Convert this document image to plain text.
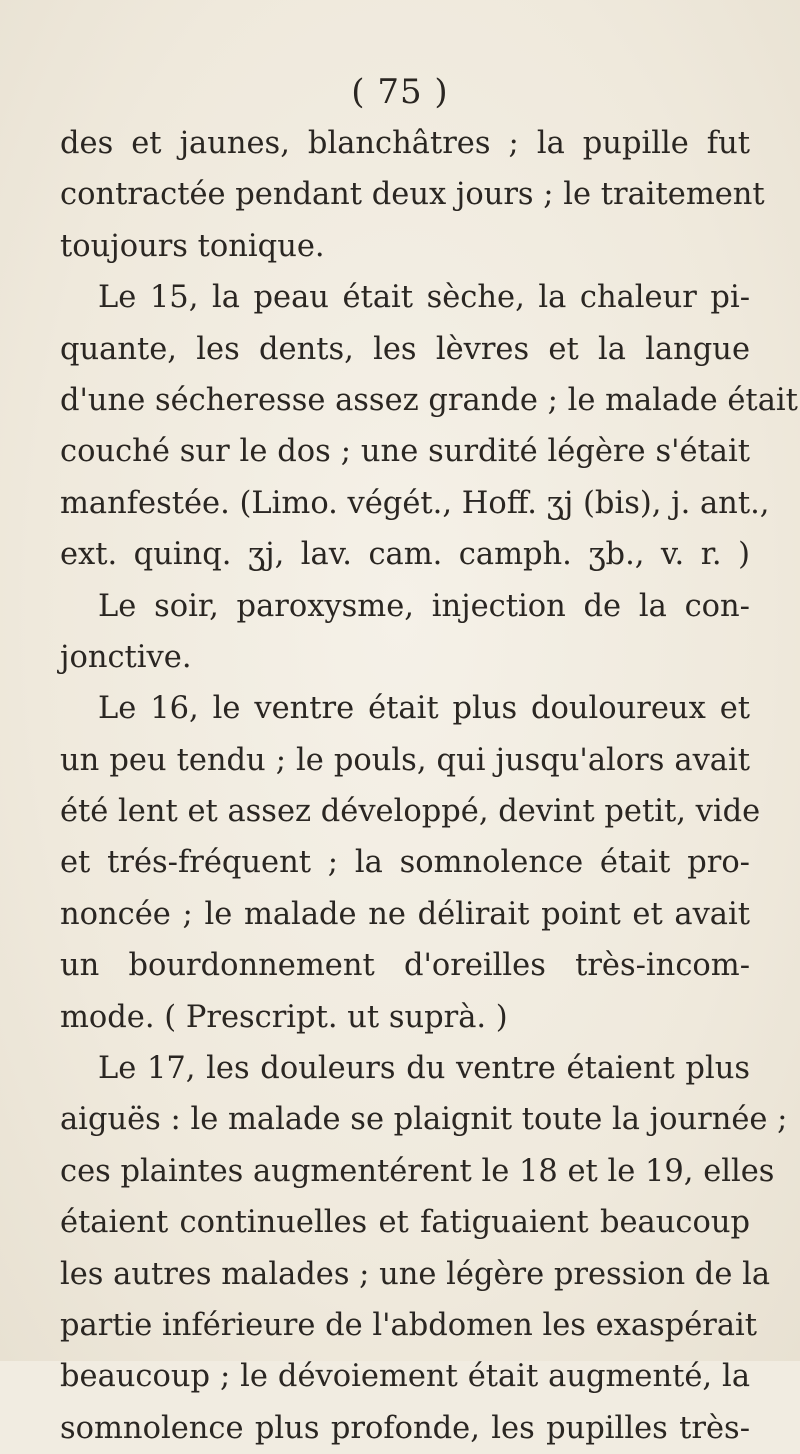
( 75 )
des et jaunes, blanchâtres ; la pupille fut
contractée pendant deux jours ; le traitement
toujours tonique.
Le 15, la peau était sèche, la chaleur pi-
quante, les dents, les lèvres et la langue
d'une sécheresse assez grande ; le malade était
couché sur le dos ; une surdité légère s'était
manfestée. (Limo. végét., Hoff. ʒj (bis), j. ant.,
ext. quinq. ʒj, lav. cam. camph. ʒb., v. r. )
Le soir, paroxysme, injection de la con-
jonctive.
Le 16, le ventre était plus douloureux et
un peu tendu ; le pouls, qui jusqu'alors avait
été lent et assez développé, devint petit, vide
et trés-fréquent ; la somnolence était pro-
noncée ; le malade ne délirait point et avait
un bourdonnement d'oreilles très-incom-
mode. ( Prescript. ut suprà. )
Le 17, les douleurs du ventre étaient plus
aiguës : le malade se plaignit toute la journée ;
ces plaintes augmentérent le 18 et le 19, elles
étaient continuelles et fatiguaient beaucoup
les autres malades ; une légère pression de la
partie inférieure de l'abdomen les exaspérait
beaucoup ; le dévoiement était augmenté, la
somnolence plus profonde, les pupilles très-
